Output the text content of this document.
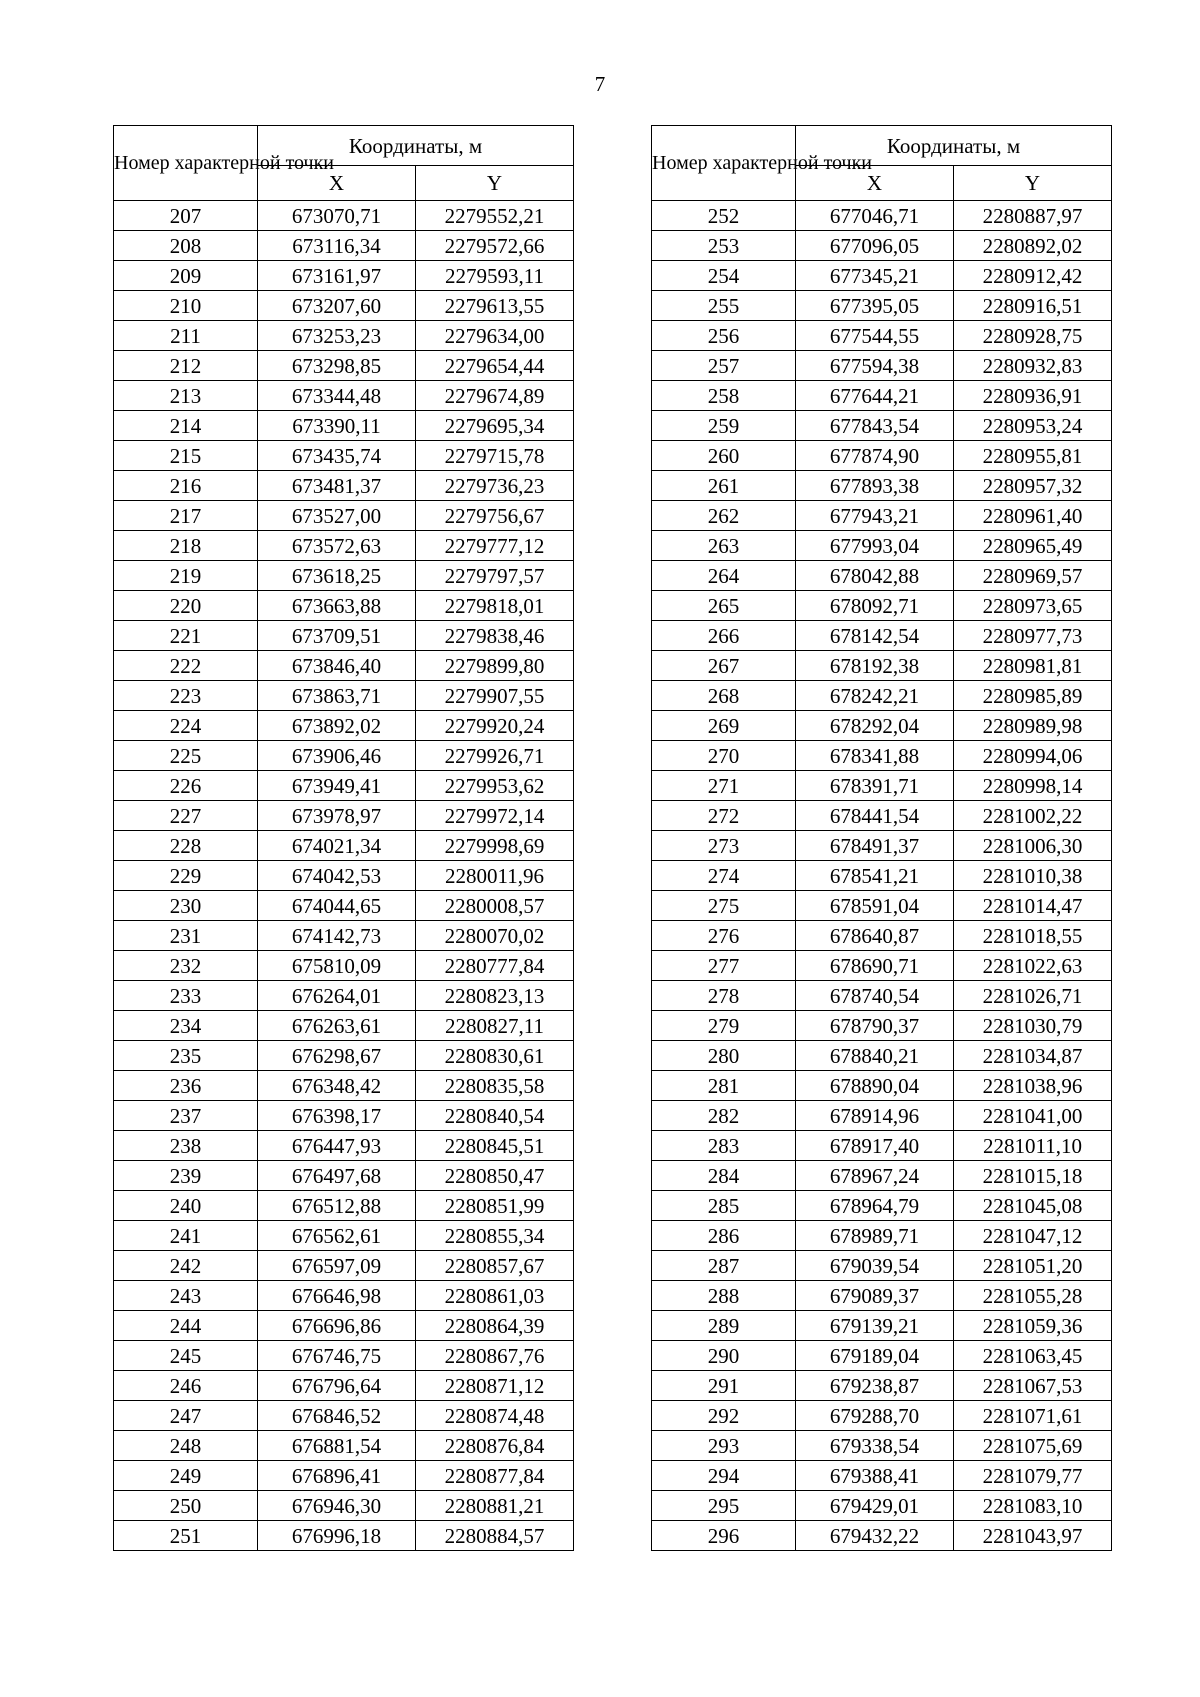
7
Номер характерной точки	Координаты, м	
	X	Y
207	673070,71	2279552,21
208	673116,34	2279572,66
209	673161,97	2279593,11
210	673207,60	2279613,55
211	673253,23	2279634,00
212	673298,85	2279654,44
213	673344,48	2279674,89
214	673390,11	2279695,34
215	673435,74	2279715,78
216	673481,37	2279736,23
217	673527,00	2279756,67
218	673572,63	2279777,12
219	673618,25	2279797,57
220	673663,88	2279818,01
221	673709,51	2279838,46
222	673846,40	2279899,80
223	673863,71	2279907,55
224	673892,02	2279920,24
225	673906,46	2279926,71
226	673949,41	2279953,62
227	673978,97	2279972,14
228	674021,34	2279998,69
229	674042,53	2280011,96
230	674044,65	2280008,57
231	674142,73	2280070,02
232	675810,09	2280777,84
233	676264,01	2280823,13
234	676263,61	2280827,11
235	676298,67	2280830,61
236	676348,42	2280835,58
237	676398,17	2280840,54
238	676447,93	2280845,51
239	676497,68	2280850,47
240	676512,88	2280851,99
241	676562,61	2280855,34
242	676597,09	2280857,67
243	676646,98	2280861,03
244	676696,86	2280864,39
245	676746,75	2280867,76
246	676796,64	2280871,12
247	676846,52	2280874,48
248	676881,54	2280876,84
249	676896,41	2280877,84
250	676946,30	2280881,21
251	676996,18	2280884,57
Номер характерной точки	Координаты, м	
	X	Y
252	677046,71	2280887,97
253	677096,05	2280892,02
254	677345,21	2280912,42
255	677395,05	2280916,51
256	677544,55	2280928,75
257	677594,38	2280932,83
258	677644,21	2280936,91
259	677843,54	2280953,24
260	677874,90	2280955,81
261	677893,38	2280957,32
262	677943,21	2280961,40
263	677993,04	2280965,49
264	678042,88	2280969,57
265	678092,71	2280973,65
266	678142,54	2280977,73
267	678192,38	2280981,81
268	678242,21	2280985,89
269	678292,04	2280989,98
270	678341,88	2280994,06
271	678391,71	2280998,14
272	678441,54	2281002,22
273	678491,37	2281006,30
274	678541,21	2281010,38
275	678591,04	2281014,47
276	678640,87	2281018,55
277	678690,71	2281022,63
278	678740,54	2281026,71
279	678790,37	2281030,79
280	678840,21	2281034,87
281	678890,04	2281038,96
282	678914,96	2281041,00
283	678917,40	2281011,10
284	678967,24	2281015,18
285	678964,79	2281045,08
286	678989,71	2281047,12
287	679039,54	2281051,20
288	679089,37	2281055,28
289	679139,21	2281059,36
290	679189,04	2281063,45
291	679238,87	2281067,53
292	679288,70	2281071,61
293	679338,54	2281075,69
294	679388,41	2281079,77
295	679429,01	2281083,10
296	679432,22	2281043,97
